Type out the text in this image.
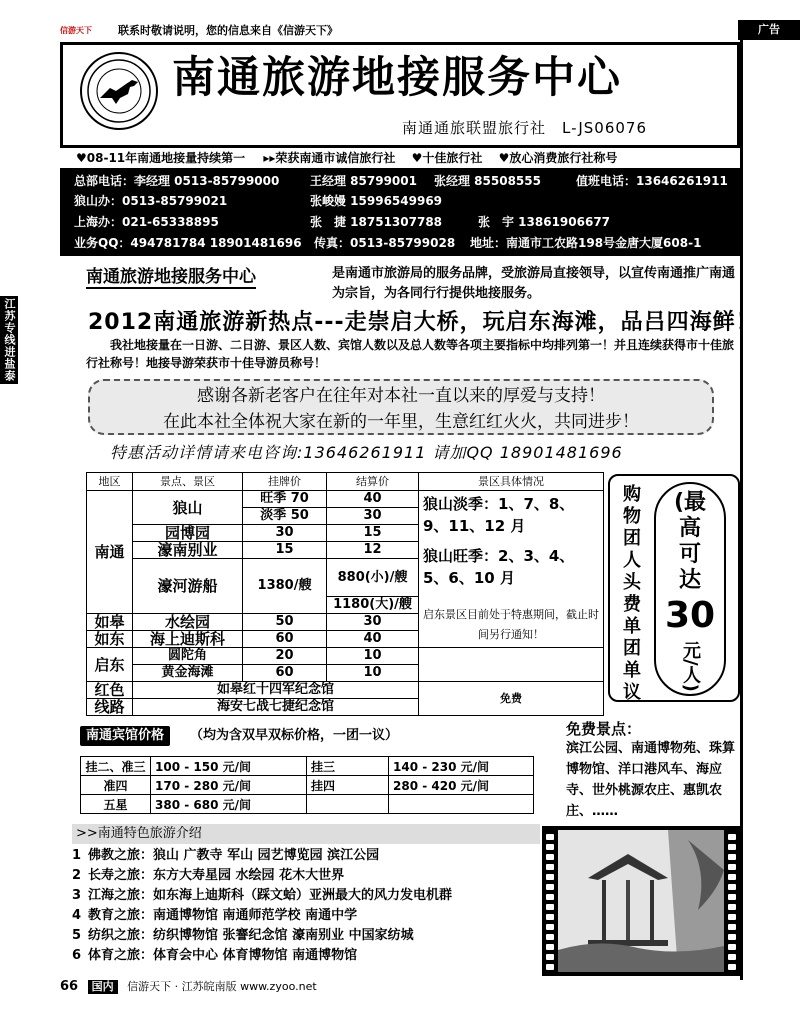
信游天下	联系时敬请说明，您的信息来自《信游天下》	广告
江苏专线进盐泰
南通旅游地接服务中心
南通通旅联盟旅行社　L-JS06076
♥08-11年南通地接量持续第一 ▸▸荣获南通市诚信旅行社 ♥十佳旅行社 ♥放心消费旅行社称号
总部电话：李经理 0513-85799000	王经理 85799001 张经理 85508555	值班电话：13646261911
狼山办：0513-85799021	张峻嫚 15996549969
上海办：021-65338895	张　捷 18751307788	张　宇 13861906677
业务QQ：494781784 18901481696 传真：0513-85799028 地址：南通市工农路198号金唐大厦608-1
南通旅游地接服务中心	是南通市旅游局的服务品牌，受旅游局直接领导，以宣传南通推广南通为宗旨，为各同行行提供地接服务。
2012南通旅游新热点---走崇启大桥，玩启东海滩，品吕四海鲜！
我社地接量在一日游、二日游、景区人数、宾馆人数以及总人数等各项主要指标中均排列第一！并且连续获得市十佳旅行社称号！地接导游荣获市十佳导游员称号！
感谢各新老客户在往年对本社一直以来的厚爱与支持！
在此本社全体祝大家在新的一年里，生意红红火火，共同进步！
特惠活动详情请来电咨询:13646261911 请加QQ 18901481696
地区	景点、景区	挂牌价	结算价	景区具体情况
南通	狼山	旺季 70	40	狼山淡季：1、7、8、9、11、12 月
狼山旺季：2、3、4、5、6、10 月
启东景区目前处于特惠期间，截止时间另行通知！

		淡季 50	30	
	园博园	30	15	
	濠南别业	15	12	
	濠河游船	1380/艘	880(小)/艘	
			1180(大)/艘	
如皋	水绘园	50	30	
如东	海上迪斯科	60	40	
启东	圆陀角	20	10	
	黄金海滩	60	10	
红色	如皋红十四军纪念馆			免费
线路	海安七战七捷纪念馆			
购物团人头费单团单议
(最
高
可
达
30
元/人)
南通宾馆价格	（均为含双早双标价格，一团一议）
挂二、准三	100 - 150 元/间	挂三	140 - 230 元/间
准四	170 - 280 元/间	挂四	280 - 420 元/间
五星	380 - 680 元/间		
免费景点：
滨江公园、南通博物苑、珠算博物馆、洋口港风车、海应寺、世外桃源农庄、惠凯农庄、……
>>南通特色旅游介绍
1 佛教之旅：狼山 广教寺 军山 园艺博览园 滨江公园
2 长寿之旅：东方大寿星园 水绘园 花木大世界
3 江海之旅：如东海上迪斯科（踩文蛤）亚洲最大的风力发电机群
4 教育之旅：南通博物馆 南通师范学校 南通中学
5 纺织之旅：纺织博物馆 张謇纪念馆 濠南别业 中国家纺城
6 体育之旅：体育会中心 体育博物馆 南通博物馆
66 国内 信游天下 · 江苏皖南版 www.zyoo.net
